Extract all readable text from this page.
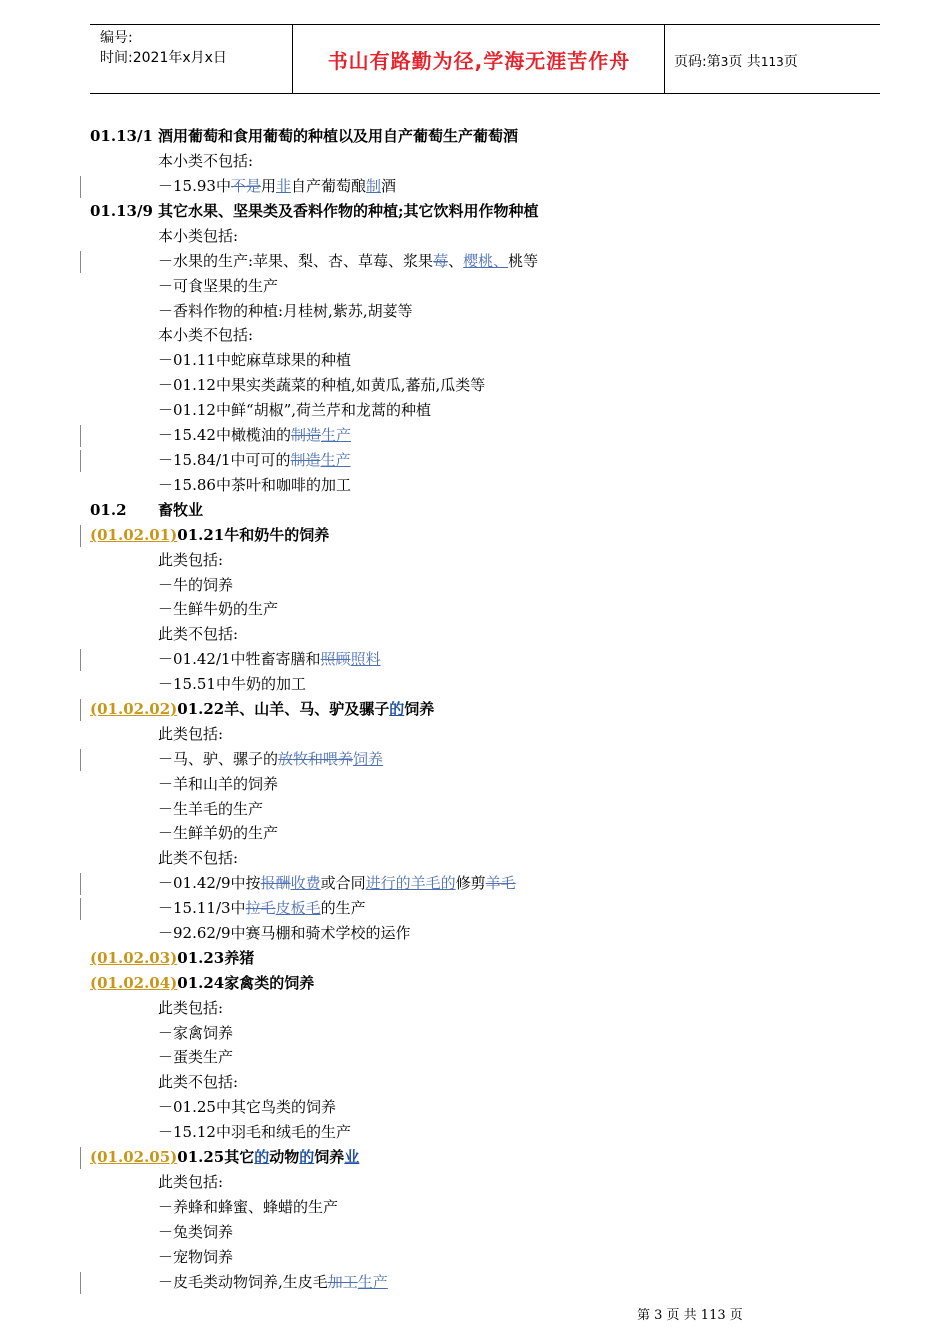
编号:
时间:2021年x月x日	书山有路勤为径,学海无涯苦作舟	页码:第3页 共113页
01.13/1 酒用葡萄和食用葡萄的种植以及用自产葡萄生产葡萄酒
本小类不包括:
－15.93中不是用非自产葡萄酿制酒
01.13/9 其它水果、坚果类及香料作物的种植;其它饮料用作物种植
本小类包括:
－水果的生产:苹果、梨、杏、草莓、浆果莓、樱桃、桃等
－可食坚果的生产
－香料作物的种植:月桂树,紫苏,胡荽等
本小类不包括:
－01.11中蛇麻草球果的种植
－01.12中果实类蔬菜的种植,如黄瓜,蕃茄,瓜类等
－01.12中鲜“胡椒”,荷兰芹和龙蒿的种植
－15.42中橄榄油的制造生产
－15.84/1中可可的制造生产
－15.86中茶叶和咖啡的加工
01.2 畜牧业
(01.02.01)01.21牛和奶牛的饲养
此类包括:
－牛的饲养
－生鲜牛奶的生产
此类不包括:
－01.42/1中牲畜寄膳和照顾照料
－15.51中牛奶的加工
(01.02.02)01.22羊、山羊、马、驴及骡子的饲养
此类包括:
－马、驴、骡子的放牧和喂养饲养
－羊和山羊的饲养
－生羊毛的生产
－生鲜羊奶的生产
此类不包括:
－01.42/9中按报酬收费或合同进行的羊毛的修剪羊毛
－15.11/3中拉毛皮板毛的生产
－92.62/9中赛马棚和骑术学校的运作
(01.02.03)01.23养猪
(01.02.04)01.24家禽类的饲养
此类包括:
－家禽饲养
－蛋类生产
此类不包括:
－01.25中其它鸟类的饲养
－15.12中羽毛和绒毛的生产
(01.02.05)01.25其它的动物的饲养业
此类包括:
－养蜂和蜂蜜、蜂蜡的生产
－兔类饲养
－宠物饲养
－皮毛类动物饲养,生皮毛加工生产
第 3 页 共 113 页
